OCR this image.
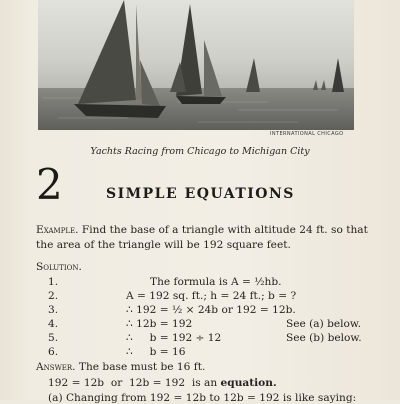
INTERNATIONAL CHICAGO
Yachts Racing from Chicago to Michigan City
2	SIMPLE EQUATIONS
Example. Find the base of a triangle with altitude 24 ft. so that the area of the triangle will be 192 square feet.
Solution.
1.	The formula is A = ½hb.
2.	A = 192 sq. ft.; h = 24 ft.; b = ?
3.	∴ 192 = ½ × 24b or 192 = 12b.
4.	∴ 12b = 192	See (a) below.
5.	∴     b = 192 ÷ 12	See (b) below.
6.	∴     b = 16
Answer. The base must be 16 ft.
192 = 12b  or  12b = 192  is an equation.
(a) Changing from 192 = 12b to 12b = 192 is like saying:
